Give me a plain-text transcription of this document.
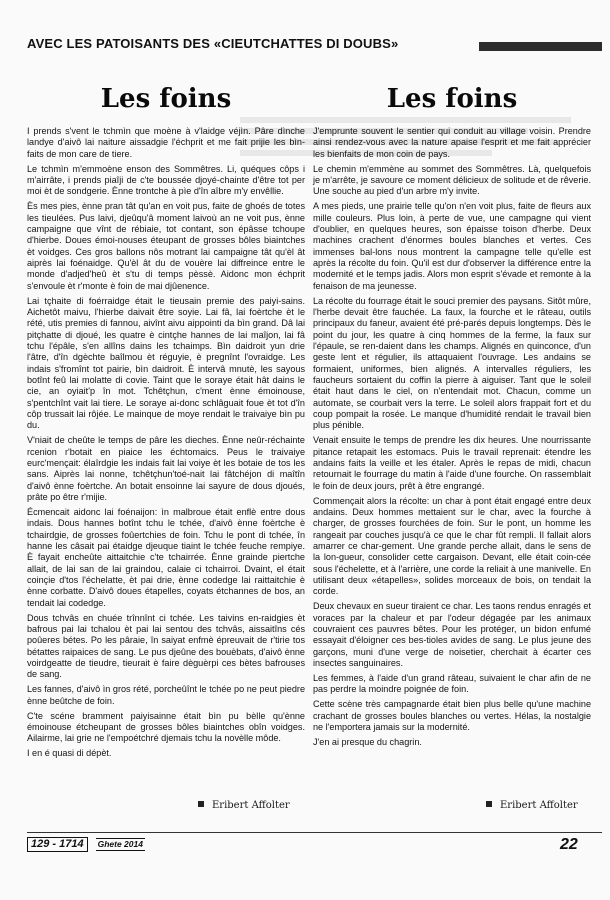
AVEC LES PATOISANTS DES «CIEUTCHATTES DI DOUBS»
Les foins

I prends s'vent le tchmìn que moène à v'laidge véjìn. Pâre dìnche landye d'aivô lai naiture aissadgie l'échprit et me fait prijie les bìn-faits de mon care de tiere.

Le tchmìn m'emmoène enson des Sommêtres. Li, quéques côps i m'airrâte, i prends piaîji de c'te boussée djoyé-chainte d'être tot per moi èt de sondgerie. Ènne trontche à pìe d'în aîbre m'y envêllie.

Ès mes pies, ènne pran tât qu'an en voit pus, faite de ghoés de totes les tieulées. Pus laivi, djeûqu'â moment laivoù an ne voit pus, ènne campaigne que vînt de rébiaie, tot contant, son épâsse tchoupe d'hierbe. Doues émoi-nouses éteupant de grosses bôles biaintches èt voidges. Ces gros ballons nôs motrant lai campaigne tât qu'èl ât aiprès lai foénaidge. Qu'èl ât du de vouère lai diffreince entre le monde d'adjed'heû èt s'tu di temps pèssè. Aidonc mon échprit s'envoule èt r'monte è foin de mai djûenence.

Lai tçhaite di foérraidge était le tieusain premie des paiyi-sains. Aichetôt maivu, l'hierbe daivait être soyie. Lai fâ, lai foèrtche èt le rété, utis premies di fannou, aivînt aivu aippointi da bìn grand. Dâ lai pitçhatte di djoué, les quatre è cintçhe hannes de lai maîjon, lai fâ tchu l'épâle, s'en allîns dains les tchaimps. Bìn daidroit yun drie l'âtre, d'în dgèchte baîlmou èt réguyie, è pregnînt l'ovraidge. Les indais s'fromînt tot pairie, bìn daidroit. È intervâ mnutè, les sayous botînt feû lai molatte di covie. Taint que le soraye était hât dains le cie, an oyiait'p în mot. Tchêtçhun, c'ment ènne émoinouse, s'pentchînt vait lai tiere. Le soraye ai-donc schlâguait foue èt tot d'în côp trussait lai rôjée. Le mainque de moye rendait le traivaiye bìn pu du.

V'niait de cheûte le temps de pâre les dieches. Ènne neûr-réchainte rcenion r'botait en piaice les échtomaics. Peus le traivaiye eurc'mençait: élaîrdgie les indais fait lai voiye èt les botaie de tos les sans. Aiprès lai nonne, tchêtçhun'toé-nait lai fâtchéjon di maîtîn d'aivô ènne foèrtche. An botait ensoinne lai sayure de dous djoués, prâte po être r'mijie.

Écmencait aidonc lai foénaijon: ìn malbroue était enflè entre dous indais. Dous hannes botînt tchu le tchée, d'aivô ènne foèrtche è tchairdgie, de grosses foûertchies de foin. Tchu le pont di tchée, în hanne les câsait pai étaidge djeuque tiaint le tchée feuche rempiye. È fayait encheûte aittaitchie c'te tchairrée. Ènne grainde piertche allait, de lai san de lai graindou, calaie ci tchairroi. Dvaint, el était coinçie d'tos l'échelatte, èt pai drie, ènne codedge lai raittaitchie è ènne corbatte. D'aivô doues étapelles, coyats étchannes de bos, an tendait lai codedge.

Dous tchvâs en chuée trînnînt ci tchée. Les taivins en-raidgies èt bafrous pai lai tchalou èt pai lai sentou des tchvâs, aissaitîns cés poûeres bétes. Po les pâraie, în saiyat enfmè épreuvait de r'tirie tos bétattes raipaices de sang. Le pus djeûne des bouèbats, d'aivô ènne voirdgeatte de tieudre, tieurait è faire dèguèrpi ces bètes bafrouses de sang.

Les fannes, d'aivô ìn gros rété, porcheûînt le tchée po ne peut piedre ènne beûtche de foin.

C'te scéne bramment paiyisainne était bìn pu bèlle qu'ènne émoinouse étcheupant de grosses bôles biaintches obîn voidges. Ailairme, lai grie ne l'empoétchré djemais tchu la novèlle môde.

I en é quasi di dépèt.

Les foins

J'emprunte souvent le sentier qui conduit au village voisin. Prendre ainsi rendez-vous avec la nature apaise l'esprit et me fait apprécier les bienfaits de mon coin de pays.

Le chemin m'emmène au sommet des Sommêtres. Là, quelquefois je m'arrête, je savoure ce moment délicieux de solitude et de rêverie. Une souche au pied d'un arbre m'y invite.

A mes pieds, une prairie telle qu'on n'en voit plus, faite de fleurs aux mille couleurs. Plus loin, à perte de vue, une campagne qui vient d'oublier, en quelques heures, son épaisse toison d'herbe. Deux machines crachent d'énormes boules blanches et vertes. Ces immenses bal-lons nous montrent la campagne telle qu'elle est après la récolte du foin. Qu'il est dur d'observer la différence entre la modernité et le temps jadis. Alors mon esprit s'évade et remonte à la fenaison de ma jeunesse.

La récolte du fourrage était le souci premier des paysans. Sitôt mûre, l'herbe devait être fauchée. La faux, la fourche et le râteau, outils principaux du faneur, avaient été pré-parés depuis longtemps. Dès le point du jour, les quatre à cinq hommes de la ferme, la faux sur l'épaule, se ren-daient dans les champs. Alignés en quinconce, d'un geste lent et régulier, ils attaquaient l'ouvrage. Les andains se formaient, uniformes, bien alignés. A intervalles réguliers, les faucheurs sortaient du coffin la pierre à aiguiser. Tant que le soleil était haut dans le ciel, on n'entendait mot. Chacun, comme un automate, se courbait vers la terre. Le soleil alors frappait fort et du coup pompait la rosée. Le manque d'humidité rendait le travail bien plus pénible.

Venait ensuite le temps de prendre les dix heures. Une nourrissante pitance retapait les estomacs. Puis le travail reprenait: étendre les andains faits la veille et les étaler. Après le repas de midi, chacun retournait le fourrage du matin à l'aide d'une fourche. On rassemblait le foin de deux jours, prêt à être engrangé.

Commençait alors la récolte: un char à pont était engagé entre deux andains. Deux hommes mettaient sur le char, avec la fourche à charger, de grosses fourchées de foin. Sur le pont, un homme les rangeait par couches jusqu'à ce que le char fût rempli. Il fallait alors amarrer ce char-gement. Une grande perche allait, dans le sens de la lon-gueur, consolider cette cargaison. Devant, elle était coin-cée sous l'échelette, et à l'arrière, une corde la reliait à une manivelle. En utilisant deux «étapelles», solides morceaux de bois, on tendait la corde.

Deux chevaux en sueur tiraient ce char. Les taons rendus enragés et voraces par la chaleur et par l'odeur dégagée par les animaux couvraient ces pauvres bêtes. Pour les protéger, un bidon enfumé essayait d'éloigner ces bes-tioles avides de sang. Le plus jeune des garçons, muni d'une verge de noisetier, cherchait à écarter ces insectes sanguinaires.

Les femmes, à l'aide d'un grand râteau, suivaient le char afin de ne pas perdre la moindre poignée de foin.

Cette scène très campagnarde était bien plus belle qu'une machine crachant de grosses boules blanches ou vertes. Hélas, la nostalgie ne l'emportera jamais sur la modernité.

J'en ai presque du chagrin.

Eribert Affolter	Eribert Affolter
129 - 1714 Ghete 2014	22
